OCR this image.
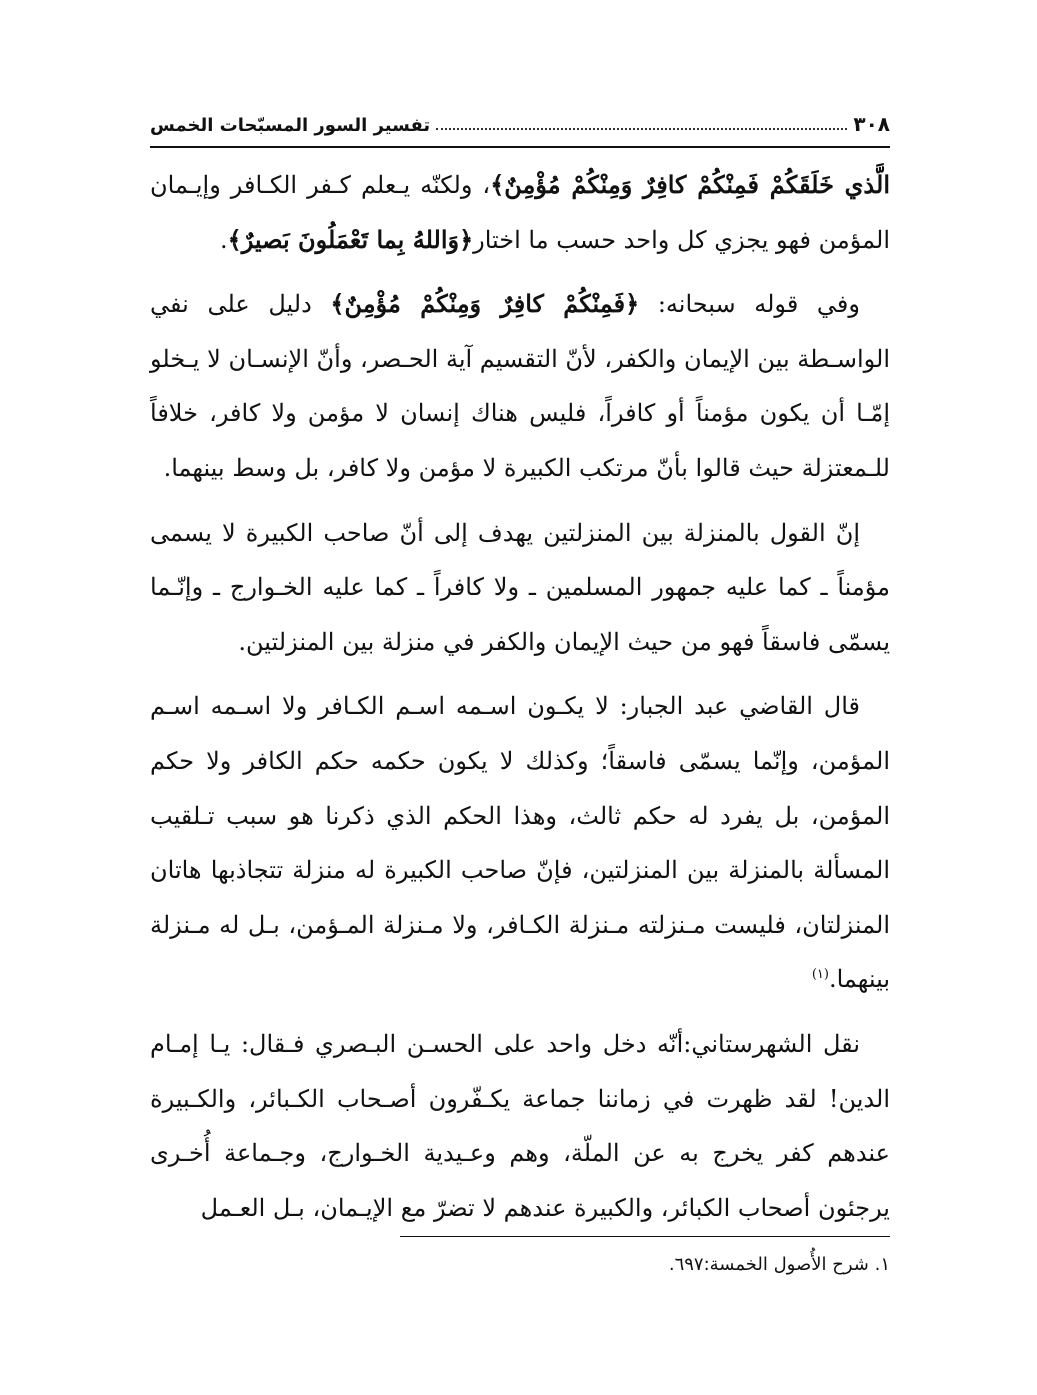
٣٠٨
تفسير السور المسبّحات الخمس

الَّذي خَلَقَكُمْ فَمِنْكُمْ كافِرٌ وَمِنْكُمْ مُؤْمِنٌ﴾، ولكنّه يـعلم كـفر الكـافر وإيـمان المؤمن فهو يجزي كل واحد حسب ما اختار﴿وَاللهُ بِما تَعْمَلُونَ بَصيرٌ﴾.

وفي قوله سبحانه: ﴿فَمِنْكُمْ كافِرٌ وَمِنْكُمْ مُؤْمِنٌ﴾ دليل على نفي الواسـطة بين الإيمان والكفر، لأنّ التقسيم آية الحـصر، وأنّ الإنسـان لا يـخلو إمّـا أن يكون مؤمناً أو كافراً، فليس هناك إنسان لا مؤمن ولا كافر، خلافاً للـمعتزلة حيث قالوا بأنّ مرتكب الكبيرة لا مؤمن ولا كافر، بل وسط بينهما.

إنّ القول بالمنزلة بين المنزلتين يهدف إلى أنّ صاحب الكبيرة لا يسمى مؤمناً ـ كما عليه جمهور المسلمين ـ ولا كافراً ـ كما عليه الخـوارج ـ وإنّـما يسمّى فاسقاً فهو من حيث الإيمان والكفر في منزلة بين المنزلتين.

قال القاضي عبد الجبار: لا يكـون اسـمه اسـم الكـافر ولا اسـمه اسـم المؤمن، وإنّما يسمّى فاسقاً؛ وكذلك لا يكون حكمه حكم الكافر ولا حكم المؤمن، بل يفرد له حكم ثالث، وهذا الحكم الذي ذكرنا هو سبب تـلقيب المسألة بالمنزلة بين المنزلتين، فإنّ صاحب الكبيرة له منزلة تتجاذبها هاتان المنزلتان، فليست مـنزلته مـنزلة الكـافر، ولا مـنزلة المـؤمن، بـل له مـنزلة بينهما.$^{(١)}$

نقل الشهرستاني:أنّه دخل واحد على الحسـن البـصري فـقال: يـا إمـام الدين! لقد ظهرت في زماننا جماعة يكـفّرون أصـحاب الكـبائر، والكـبيرة عندهم كفر يخرج به عن الملّة، وهم وعـيدية الخـوارج، وجـماعة أُخـرى يرجئون أصحاب الكبائر، والكبيرة عندهم لا تضرّ مع الإيـمان، بـل العـمل

١. شرح الأُصول الخمسة:٦٩٧.
